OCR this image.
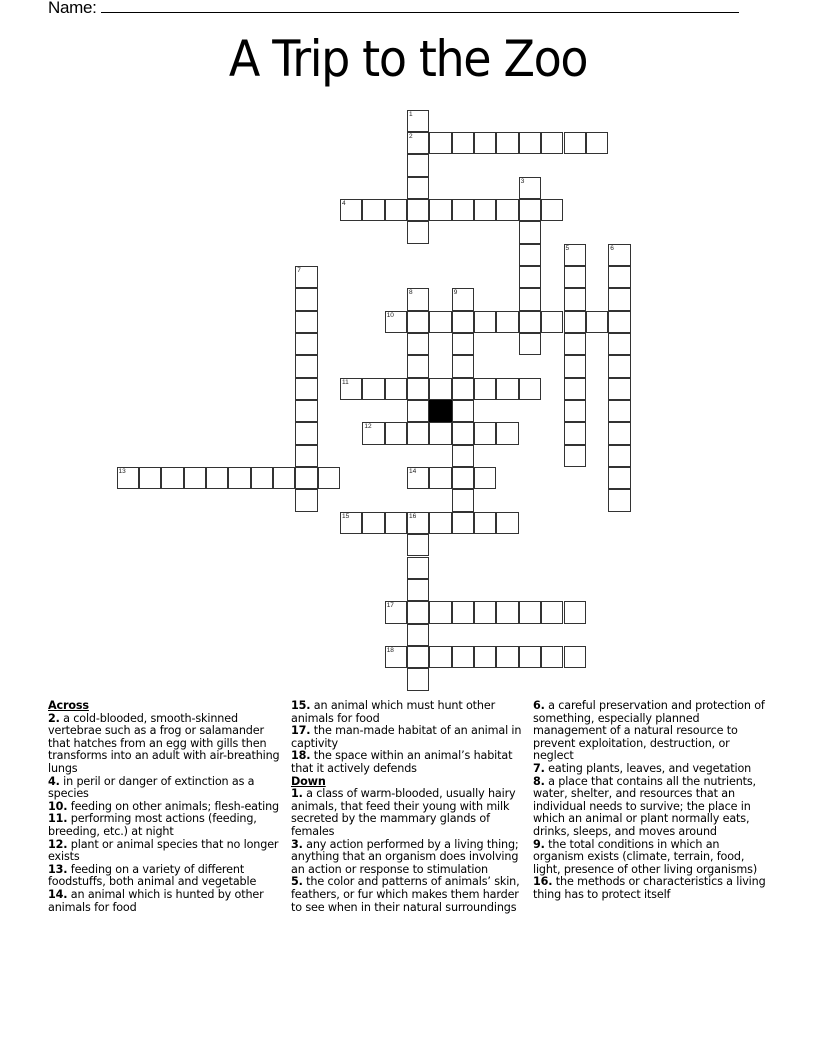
Name:
A Trip to the Zoo
1
2
3
4
5	6
7
8	9
10
11
12
13	14
15	16
17
18
Across
2. a cold-blooded, smooth-skinned vertebrae such as a frog or salamander that hatches from an egg with gills then transforms into an adult with air-breathing lungs
4. in peril or danger of extinction as a species
10. feeding on other animals; flesh-eating
11. performing most actions (feeding, breeding, etc.) at night
12. plant or animal species that no longer exists
13. feeding on a variety of different foodstuffs, both animal and vegetable
14. an animal which is hunted by other animals for food
15. an animal which must hunt other animals for food
17. the man-made habitat of an animal in captivity
18. the space within an animal’s habitat that it actively defends
Down
1. a class of warm-blooded, usually hairy animals, that feed their young with milk secreted by the mammary glands of females
3. any action performed by a living thing; anything that an organism does involving an action or response to stimulation
5. the color and patterns of animals’ skin, feathers, or fur which makes them harder to see when in their natural surroundings
6. a careful preservation and protection of something, especially planned management of a natural resource to prevent exploitation, destruction, or neglect
7. eating plants, leaves, and vegetation
8. a place that contains all the nutrients, water, shelter, and resources that an individual needs to survive; the place in which an animal or plant normally eats, drinks, sleeps, and moves around
9. the total conditions in which an organism exists (climate, terrain, food, light, presence of other living organisms)
16. the methods or characteristics a living thing has to protect itself
